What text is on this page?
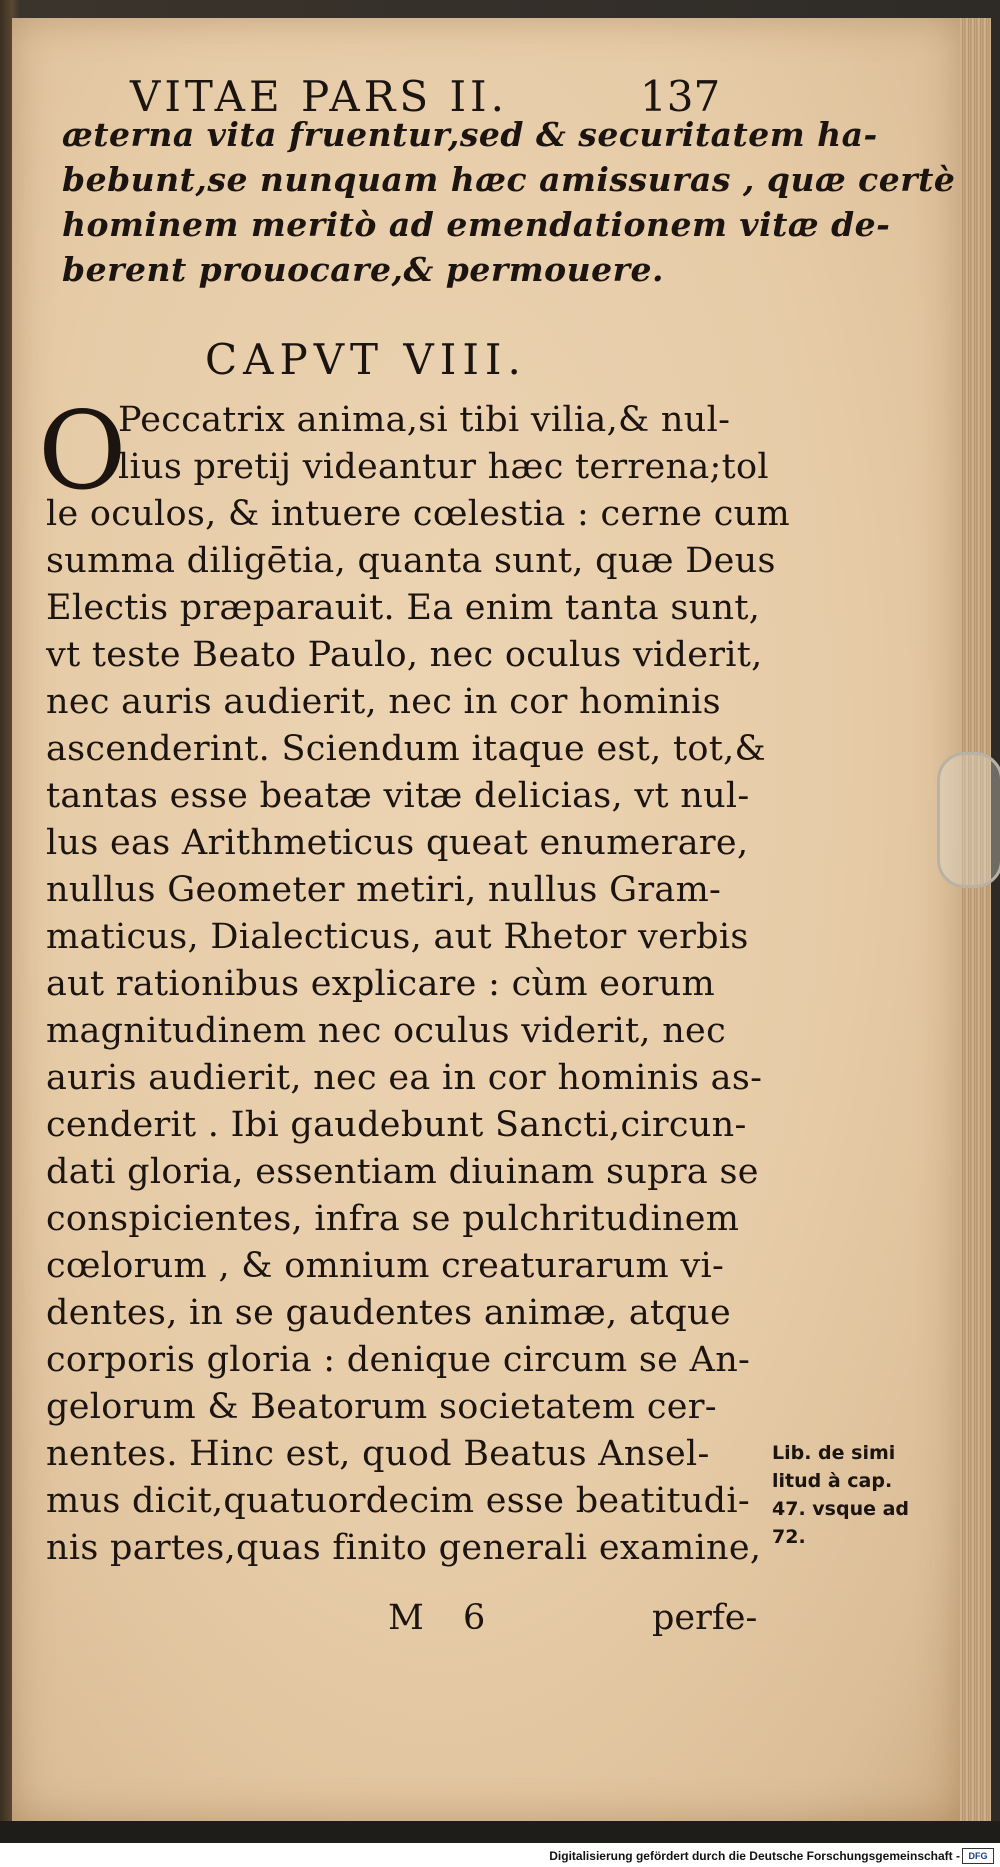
VITAE PARS II.	137
æterna vita fruentur,sed & securitatem ha-
bebunt,se nunquam hæc amissuras , quæ certè
hominem meritò ad emendationem vitæ de-
berent prouocare,& permouere.
CAPVT VIII.
O
Peccatrix anima,si tibi vilia,& nul-
lius pretij videantur hæc terrena;tol
le oculos, & intuere cœlestia : cerne cum
summa diligētia, quanta sunt, quæ Deus
Electis præparauit. Ea enim tanta sunt,
vt teste Beato Paulo, nec oculus viderit,
nec auris audierit, nec in cor hominis
ascenderint. Sciendum itaque est, tot,&
tantas esse beatæ vitæ delicias, vt nul-
lus eas Arithmeticus queat enumerare,
nullus Geometer metiri, nullus Gram-
maticus, Dialecticus, aut Rhetor verbis
aut rationibus explicare : cùm eorum
magnitudinem nec oculus viderit, nec
auris audierit, nec ea in cor hominis as-
cenderit . Ibi gaudebunt Sancti,circun-
dati gloria, essentiam diuinam supra se
conspicientes, infra se pulchritudinem
cœlorum , & omnium creaturarum vi-
dentes, in se gaudentes animæ, atque
corporis gloria : denique circum se An-
gelorum & Beatorum societatem cer-
nentes. Hinc est, quod Beatus Ansel-
mus dicit,quatuordecim esse beatitudi-
nis partes,quas finito generali examine,
Lib. de simi
litud à cap.
47. vsque ad
72.
M 6	perfe-
Digitalisierung gefördert durch die Deutsche Forschungsgemeinschaft - DFG
